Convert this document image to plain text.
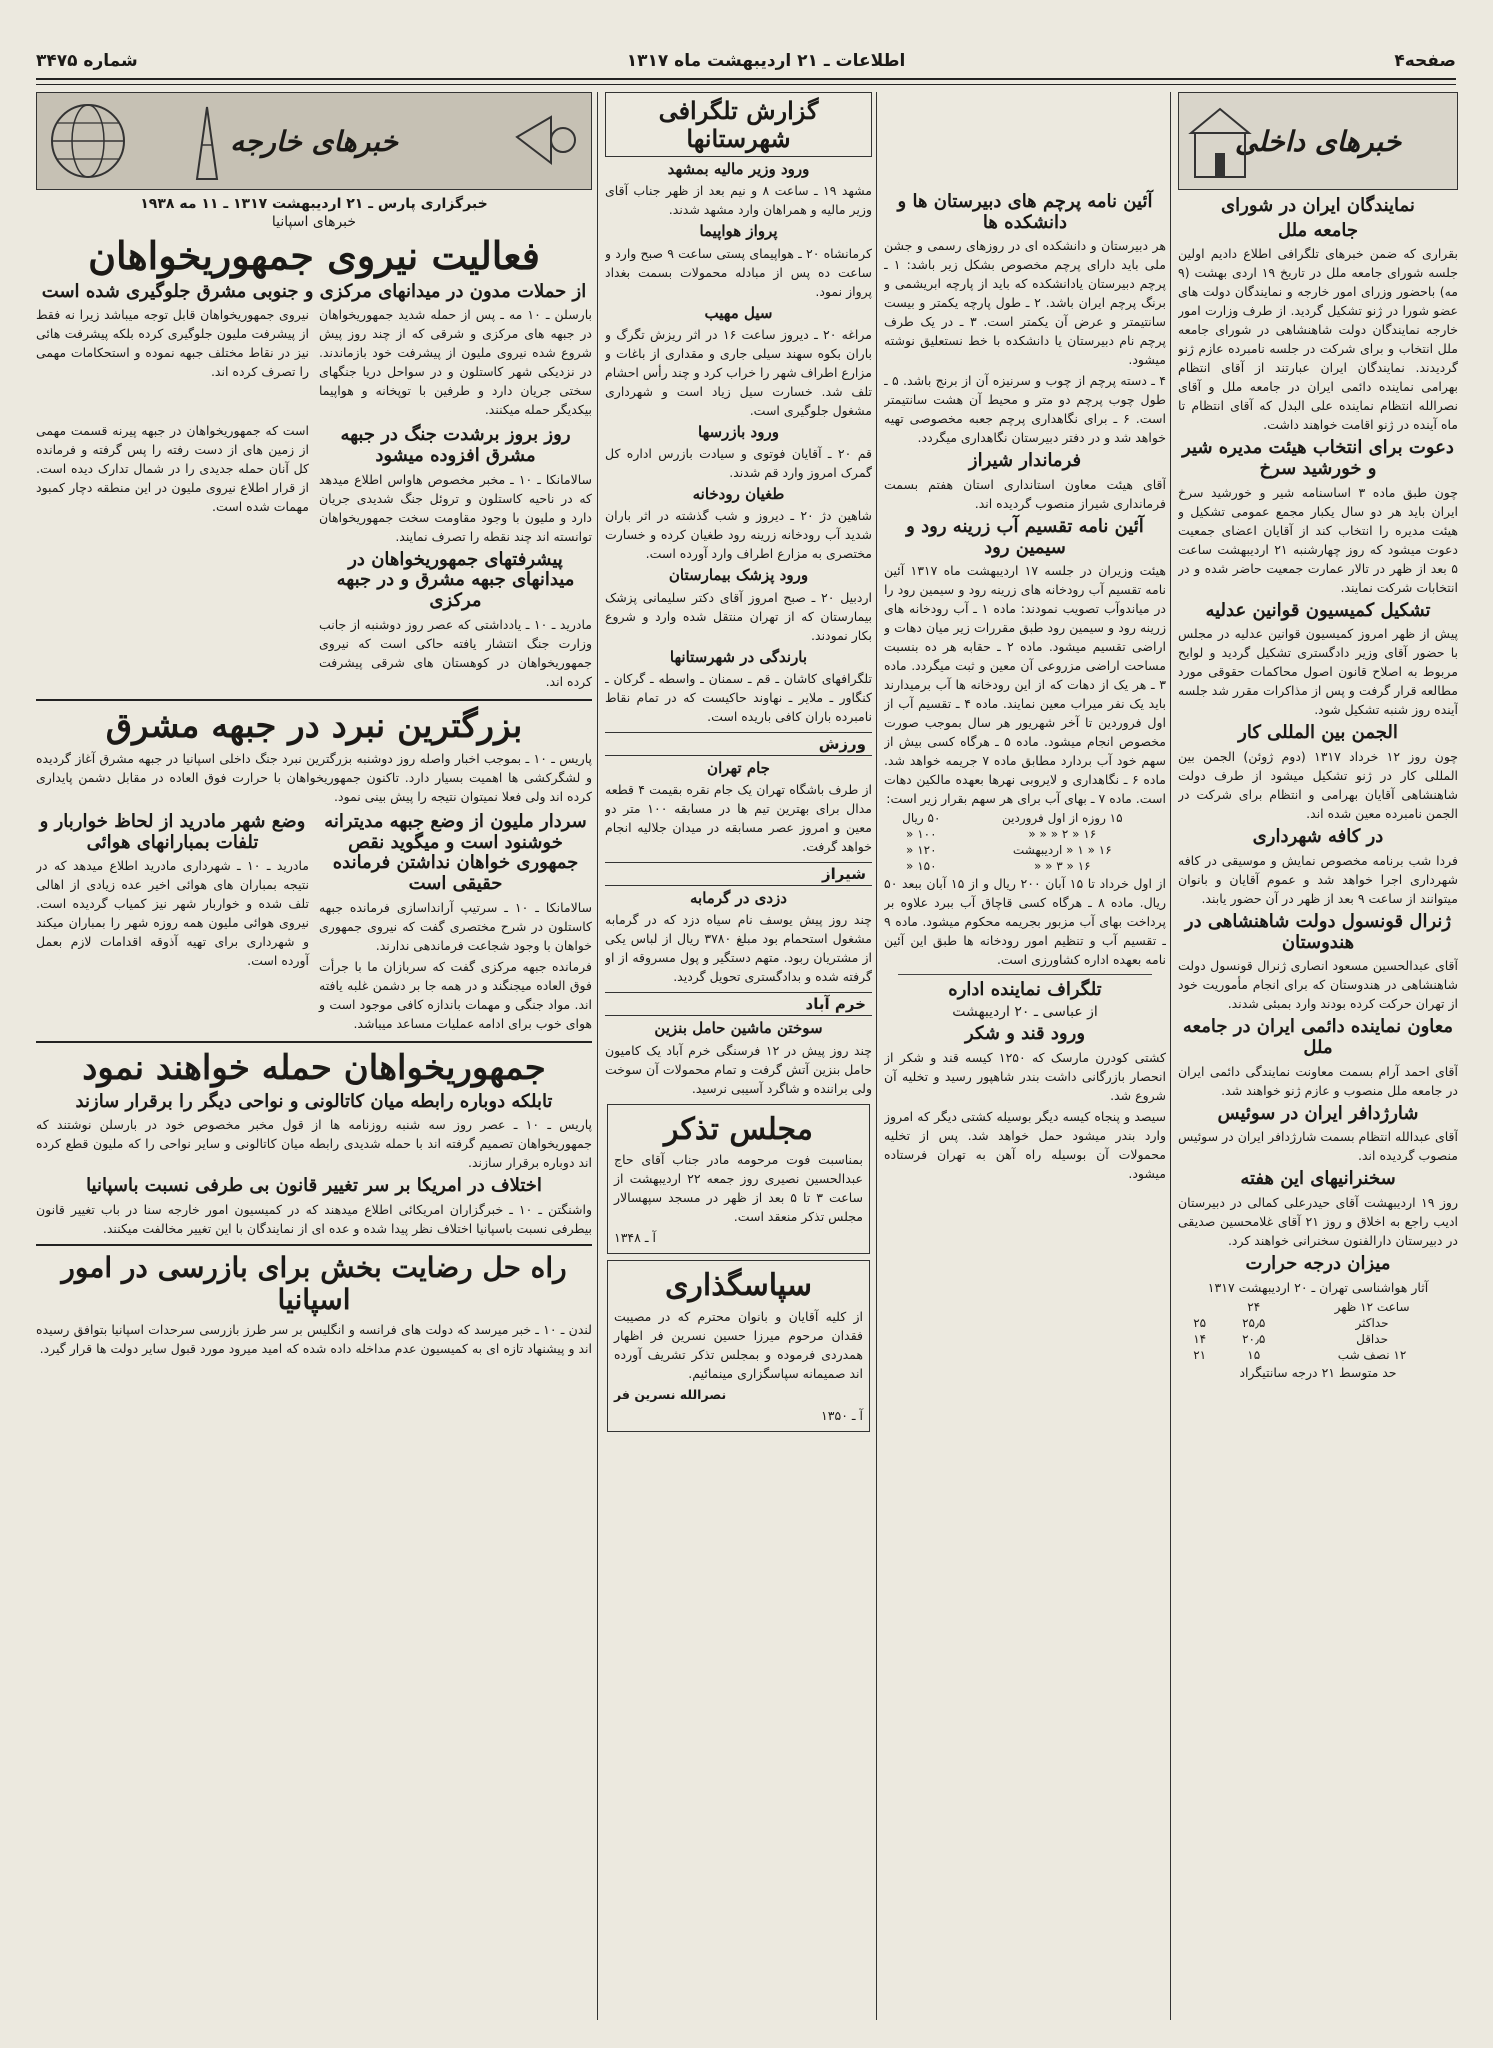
شماره ۳۴۷۵	اطلاعات ـ ۲۱ اردیبهشت ماه ۱۳۱۷	صفحه۴
خبرهای داخلی
نمایندگان ایران در شورای
جامعه ملل

بقراری که ضمن خبرهای تلگرافی اطلاع دادیم اولین جلسه شورای جامعه ملل در تاریخ ۱۹ اردی بهشت (۹ مه) باحضور وزرای امور خارجه و نمایندگان دولت های عضو شورا در ژنو تشکیل گردید. از طرف وزارت امور خارجه نمایندگان دولت شاهنشاهی در شورای جامعه ملل انتخاب و برای شرکت در جلسه نامبرده عازم ژنو گردیدند. نمایندگان ایران عبارتند از آقای انتظام بهرامی نماینده دائمی ایران در جامعه ملل و آقای نصرالله انتظام نماینده علی البدل که آقای انتظام تا ماه آینده در ژنو اقامت خواهند داشت.

دعوت برای انتخاب هیئت مدیره شیر و خورشید سرخ

چون طبق ماده ۳ اساسنامه شیر و خورشید سرخ ایران باید هر دو سال یکبار مجمع عمومی تشکیل و هیئت مدیره را انتخاب کند از آقایان اعضای جمعیت دعوت میشود که روز چهارشنبه ۲۱ اردیبهشت ساعت ۵ بعد از ظهر در تالار عمارت جمعیت حاضر شده و در انتخابات شرکت نمایند.

تشکیل کمیسیون قوانین عدلیه

پیش از ظهر امروز کمیسیون قوانین عدلیه در مجلس با حضور آقای وزیر دادگستری تشکیل گردید و لوایح مربوط به اصلاح قانون اصول محاکمات حقوقی مورد مطالعه قرار گرفت و پس از مذاکرات مقرر شد جلسه آینده روز شنبه تشکیل شود.

الجمن بین المللی کار

چون روز ۱۲ خرداد ۱۳۱۷ (دوم ژوئن) الجمن بین المللی کار در ژنو تشکیل میشود از طرف دولت شاهنشاهی آقایان بهرامی و انتظام برای شرکت در الجمن نامبرده معین شده اند.

در کافه شهرداری

فردا شب برنامه مخصوص نمایش و موسیقی در کافه شهرداری اجرا خواهد شد و عموم آقایان و بانوان میتوانند از ساعت ۹ بعد از ظهر در آن حضور یابند.

ژنرال قونسول دولت شاهنشاهی در هندوستان

آقای عبدالحسین مسعود انصاری ژنرال قونسول دولت شاهنشاهی در هندوستان که برای انجام مأموریت خود از تهران حرکت کرده بودند وارد بمبئی شدند.

معاون نماینده دائمی ایران در جامعه ملل

آقای احمد آرام بسمت معاونت نمایندگی دائمی ایران در جامعه ملل منصوب و عازم ژنو خواهند شد.

شارژدافر ایران در سوئیس

آقای عبدالله انتظام بسمت شارژدافر ایران در سوئیس منصوب گردیده اند.

سخنرانیهای این هفته

روز ۱۹ اردیبهشت آقای حیدرعلی کمالی در دبیرستان ادیب راجع به اخلاق و روز ۲۱ آقای غلامحسین صدیقی در دبیرستان دارالفنون سخنرانی خواهند کرد.

میزان درجه حرارت

آثار هواشناسی تهران ـ ۲۰ اردیبهشت ۱۳۱۷

ساعت ۱۲ ظهر	۲۴	
حداکثر	۲۵٫۵	۲۵
حداقل	۲۰٫۵	۱۴
۱۲ نصف شب	۱۵	۲۱

حد متوسط ۲۱ درجه سانتیگراد

آئین نامه پرچم های دبیرستان ها و دانشکده ها

هر دبیرستان و دانشکده ای در روزهای رسمی و جشن ملی باید دارای پرچم مخصوص بشکل زیر باشد: ۱ ـ پرچم دبیرستان یادانشکده که باید از پارچه ابریشمی و برنگ پرچم ایران باشد. ۲ ـ طول پارچه یکمتر و بیست سانتیمتر و عرض آن یکمتر است. ۳ ـ در یک طرف پرچم نام دبیرستان یا دانشکده با خط نستعلیق نوشته میشود.

۴ ـ دسته پرچم از چوب و سرنیزه آن از برنج باشد. ۵ ـ طول چوب پرچم دو متر و محیط آن هشت سانتیمتر است. ۶ ـ برای نگاهداری پرچم جعبه مخصوصی تهیه خواهد شد و در دفتر دبیرستان نگاهداری میگردد.

فرماندار شیراز

آقای هیئت معاون استانداری استان هفتم بسمت فرمانداری شیراز منصوب گردیده اند.

آئین نامه تقسیم آب زرینه رود و سیمین رود

هیئت وزیران در جلسه ۱۷ اردیبهشت ماه ۱۳۱۷ آئین نامه تقسیم آب رودخانه های زرینه رود و سیمین رود را در میاندوآب تصویب نمودند: ماده ۱ ـ آب رودخانه های زرینه رود و سیمین رود طبق مقررات زیر میان دهات و اراضی تقسیم میشود. ماده ۲ ـ حقابه هر ده بنسبت مساحت اراضی مزروعی آن معین و ثبت میگردد. ماده ۳ ـ هر یک از دهات که از این رودخانه ها آب برمیدارند باید یک نفر میراب معین نمایند. ماده ۴ ـ تقسیم آب از اول فروردین تا آخر شهریور هر سال بموجب صورت مخصوص انجام میشود. ماده ۵ ـ هرگاه کسی بیش از سهم خود آب بردارد مطابق ماده ۷ جریمه خواهد شد. ماده ۶ ـ نگاهداری و لایروبی نهرها بعهده مالکین دهات است. ماده ۷ ـ بهای آب برای هر سهم بقرار زیر است:

۱۵ روزه از اول فروردین	۵۰ ریال
۱۶ « ۲ « « «	۱۰۰ «
۱۶ « ۱ « اردیبهشت	۱۲۰ «
۱۶ « ۳ « «	۱۵۰ «

از اول خرداد تا ۱۵ آبان ۲۰۰ ریال و از ۱۵ آبان ببعد ۵۰ ریال. ماده ۸ ـ هرگاه کسی قاچاق آب ببرد علاوه بر پرداخت بهای آب مزبور بجریمه محکوم میشود. ماده ۹ ـ تقسیم آب و تنظیم امور رودخانه ها طبق این آئین نامه بعهده اداره کشاورزی است.

تلگراف نماینده اداره
از عباسی ـ ۲۰ اردیبهشت
ورود قند و شکر

کشتی کودرن مارسک که ۱۲۵۰ کیسه قند و شکر از انحصار بازرگانی داشت بندر شاهپور رسید و تخلیه آن شروع شد.

سیصد و پنجاه کیسه دیگر بوسیله کشتی دیگر که امروز وارد بندر میشود حمل خواهد شد. پس از تخلیه محمولات آن بوسیله راه آهن به تهران فرستاده میشود.

گزارش تلگرافی شهرستانها
ورود وزیر مالیه بمشهد

مشهد ۱۹ ـ ساعت ۸ و نیم بعد از ظهر جناب آقای وزیر مالیه و همراهان وارد مشهد شدند.

پرواز هواپیما

کرمانشاه ۲۰ ـ هواپیمای پستی ساعت ۹ صبح وارد و ساعت ده پس از مبادله محمولات بسمت بغداد پرواز نمود.

سیل مهیب

مراغه ۲۰ ـ دیروز ساعت ۱۶ در اثر ریزش تگرگ و باران بکوه سهند سیلی جاری و مقداری از باغات و مزارع اطراف شهر را خراب کرد و چند رأس احشام تلف شد. خسارت سیل زیاد است و شهرداری مشغول جلوگیری است.

ورود بازرسها

قم ۲۰ ـ آقایان فوتوی و سیادت بازرس اداره کل گمرک امروز وارد قم شدند.

طغیان رودخانه

شاهین دژ ۲۰ ـ دیروز و شب گذشته در اثر باران شدید آب رودخانه زرینه رود طغیان کرده و خسارت مختصری به مزارع اطراف وارد آورده است.

ورود پزشک بیمارستان

اردبیل ۲۰ ـ صبح امروز آقای دکتر سلیمانی پزشک بیمارستان که از تهران منتقل شده وارد و شروع بکار نمودند.

بارندگی در شهرستانها

تلگرافهای کاشان ـ قم ـ سمنان ـ واسطه ـ گرکان ـ کنگاور ـ ملایر ـ نهاوند حاکیست که در تمام نقاط نامبرده باران کافی باریده است.

ورزش
جام تهران

از طرف باشگاه تهران یک جام نقره بقیمت ۴ قطعه مدال برای بهترین تیم ها در مسابقه ۱۰۰ متر دو معین و امروز عصر مسابقه در میدان جلالیه انجام خواهد گرفت.

شیراز
دزدی در گرمابه

چند روز پیش یوسف نام سیاه دزد که در گرمابه مشغول استحمام بود مبلغ ۳۷۸۰ ریال از لباس یکی از مشتریان ربود. متهم دستگیر و پول مسروقه از او گرفته شده و بدادگستری تحویل گردید.

خرم آباد
سوختن ماشین حامل بنزین

چند روز پیش در ۱۲ فرسنگی خرم آباد یک کامیون حامل بنزین آتش گرفت و تمام محمولات آن سوخت ولی براننده و شاگرد آسیبی نرسید.

مجلس تذکر

بمناسبت فوت مرحومه مادر جناب آقای حاج عبدالحسین نصیری روز جمعه ۲۲ اردیبهشت از ساعت ۳ تا ۵ بعد از ظهر در مسجد سپهسالار مجلس تذکر منعقد است.

آ ـ ۱۳۴۸

سپاسگذاری

از کلیه آقایان و بانوان محترم که در مصیبت فقدان مرحوم میرزا حسین نسرین فر اظهار همدردی فرموده و بمجلس تذکر تشریف آورده اند صمیمانه سپاسگزاری مینمائیم.

نصرالله نسرین فر

آ ـ ۱۳۵۰

خبرهای خارجه
خبرگزاری پارس ـ ۲۱ اردیبهشت ۱۳۱۷ ـ ۱۱ مه ۱۹۳۸
خبرهای اسپانیا
فعالیت نیروی جمهوریخواهان
از حملات مدون در میدانهای مرکزی و جنوبی مشرق جلوگیری شده است

بارسلن ـ ۱۰ مه ـ پس از حمله شدید جمهوریخواهان در جبهه های مرکزی و شرقی که از چند روز پیش شروع شده نیروی ملیون از پیشرفت خود بازماندند. در نزدیکی شهر کاستلون و در سواحل دریا جنگهای سختی جریان دارد و طرفین با توپخانه و هواپیما بیکدیگر حمله میکنند.

نیروی جمهوریخواهان قابل توجه میباشد زیرا نه فقط از پیشرفت ملیون جلوگیری کرده بلکه پیشرفت هائی نیز در نقاط مختلف جبهه نموده و استحکامات مهمی را تصرف کرده اند.

روز بروز برشدت جنگ در جبهه مشرق افزوده میشود

سالامانکا ـ ۱۰ ـ مخبر مخصوص هاواس اطلاع میدهد که در ناحیه کاستلون و تروئل جنگ شدیدی جریان دارد و ملیون با وجود مقاومت سخت جمهوریخواهان توانسته اند چند نقطه را تصرف نمایند.

پیشرفتهای جمهوریخواهان در میدانهای جبهه مشرق و در جبهه مرکزی

مادرید ـ ۱۰ ـ یادداشتی که عصر روز دوشنبه از جانب وزارت جنگ انتشار یافته حاکی است که نیروی جمهوریخواهان در کوهستان های شرقی پیشرفت کرده اند.

است که جمهوریخواهان در جبهه پیرنه قسمت مهمی از زمین های از دست رفته را پس گرفته و فرمانده کل آنان حمله جدیدی را در شمال تدارک دیده است. از قرار اطلاع نیروی ملیون در این منطقه دچار کمبود مهمات شده است.

بزرگترین نبرد در جبهه مشرق

پاریس ـ ۱۰ ـ بموجب اخبار واصله روز دوشنبه بزرگترین نبرد جنگ داخلی اسپانیا در جبهه مشرق آغاز گردیده و لشگرکشی ها اهمیت بسیار دارد. تاکنون جمهوریخواهان با حرارت فوق العاده در مقابل دشمن پایداری کرده اند ولی فعلا نمیتوان نتیجه را پیش بینی نمود.

سردار ملیون از وضع جبهه مدیترانه خوشنود است و میگوید نقص جمهوری خواهان نداشتن فرمانده حقیقی است

سالامانکا ـ ۱۰ ـ سرتیپ آرانداسازی فرمانده جبهه کاستلون در شرح مختصری گفت که نیروی جمهوری خواهان با وجود شجاعت فرماندهی ندارند.

فرمانده جبهه مرکزی گفت که سربازان ما با جرأت فوق العاده میجنگند و در همه جا بر دشمن غلبه یافته اند. مواد جنگی و مهمات باندازه کافی موجود است و هوای خوب برای ادامه عملیات مساعد میباشد.

وضع شهر مادرید از لحاظ خواربار و تلفات بمبارانهای هوائی

مادرید ـ ۱۰ ـ شهرداری مادرید اطلاع میدهد که در نتیجه بمباران های هوائی اخیر عده زیادی از اهالی تلف شده و خواربار شهر نیز کمیاب گردیده است. نیروی هوائی ملیون همه روزه شهر را بمباران میکند و شهرداری برای تهیه آذوقه اقدامات لازم بعمل آورده است.

جمهوریخواهان حمله خواهند نمود
تابلکه دوباره رابطه میان کاتالونی و نواحی دیگر را برقرار سازند

پاریس ـ ۱۰ ـ عصر روز سه شنبه روزنامه ها از قول مخبر مخصوص خود در بارسلن نوشتند که جمهوریخواهان تصمیم گرفته اند با حمله شدیدی رابطه میان کاتالونی و سایر نواحی را که ملیون قطع کرده اند دوباره برقرار سازند.

اختلاف در امریکا بر سر تغییر قانون بی طرفی نسبت باسپانیا

واشنگتن ـ ۱۰ ـ خبرگزاران امریکائی اطلاع میدهند که در کمیسیون امور خارجه سنا در باب تغییر قانون بیطرفی نسبت باسپانیا اختلاف نظر پیدا شده و عده ای از نمایندگان با این تغییر مخالفت میکنند.

راه حل رضایت بخش برای بازرسی در امور اسپانیا

لندن ـ ۱۰ ـ خبر میرسد که دولت های فرانسه و انگلیس بر سر طرز بازرسی سرحدات اسپانیا بتوافق رسیده اند و پیشنهاد تازه ای به کمیسیون عدم مداخله داده شده که امید میرود مورد قبول سایر دولت ها قرار گیرد.
